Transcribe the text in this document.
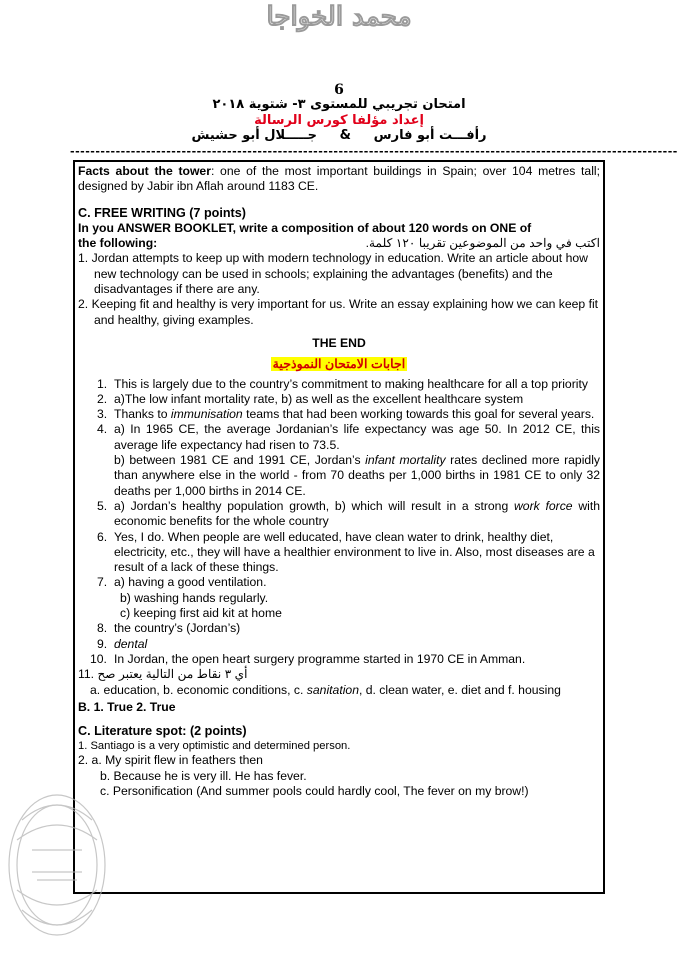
محمد الخواجا
6
امتحان تجريبي للمستوى ٣- شتوية ٢٠١٨
إعداد مؤلفا كورس الرسالة
جـــــلال أبو حشيش & رأفـــت أبو فارس
------------------------------------------------------------------------------------------------------------------------

Facts about the tower: one of the most important buildings in Spain; over 104 metres tall; designed by Jabir ibn Aflah around 1183 CE.

C. FREE WRITING (7 points)

In you ANSWER BOOKLET, write a composition of about 120 words on ONE of

the following:	اكتب في واحد من الموضوعين تقريبا ١٢٠ كلمة.

1. Jordan attempts to keep up with modern technology in education. Write an article about how new technology can be used in schools; explaining the advantages (benefits) and the disadvantages if there are any.

2. Keeping fit and healthy is very important for us. Write an essay explaining how we can keep fit and healthy, giving examples.

THE END

اجابات الامتحان النموذجية

1. This is largely due to the country’s commitment to making healthcare for all a top priority
2. a)The low infant mortality rate, b) as well as the excellent healthcare system
3. Thanks to immunisation teams that had been working towards this goal for several years.
4. a) In 1965 CE, the average Jordanian’s life expectancy was age 50. In 2012 CE, this average life expectancy had risen to 73.5.
b) between 1981 CE and 1991 CE, Jordan’s infant mortality rates declined more rapidly than anywhere else in the world - from 70 deaths per 1,000 births in 1981 CE to only 32 deaths per 1,000 births in 2014 CE.
5. a) Jordan’s healthy population growth, b) which will result in a strong work force with economic benefits for the whole country
6. Yes, I do. When people are well educated, have clean water to drink, healthy diet, electricity, etc., they will have a healthier environment to live in. Also, most diseases are a result of a lack of these things.
7. a) having a good ventilation.
b) washing hands regularly.
c) keeping first aid kit at home
8. the country’s (Jordan’s)
9. dental
10. In Jordan, the open heart surgery programme started in 1970 CE in Amman.
11. أي ٣ نقاط من التالية يعتبر صح
a. education, b. economic conditions, c. sanitation, d. clean water, e. diet and f. housing

B. 1. True 2. True

C. Literature spot: (2 points)

1. Santiago is a very optimistic and determined person.

2. a. My spirit flew in feathers then

b. Because he is very ill. He has fever.

c. Personification (And summer pools could hardly cool, The fever on my brow!)
